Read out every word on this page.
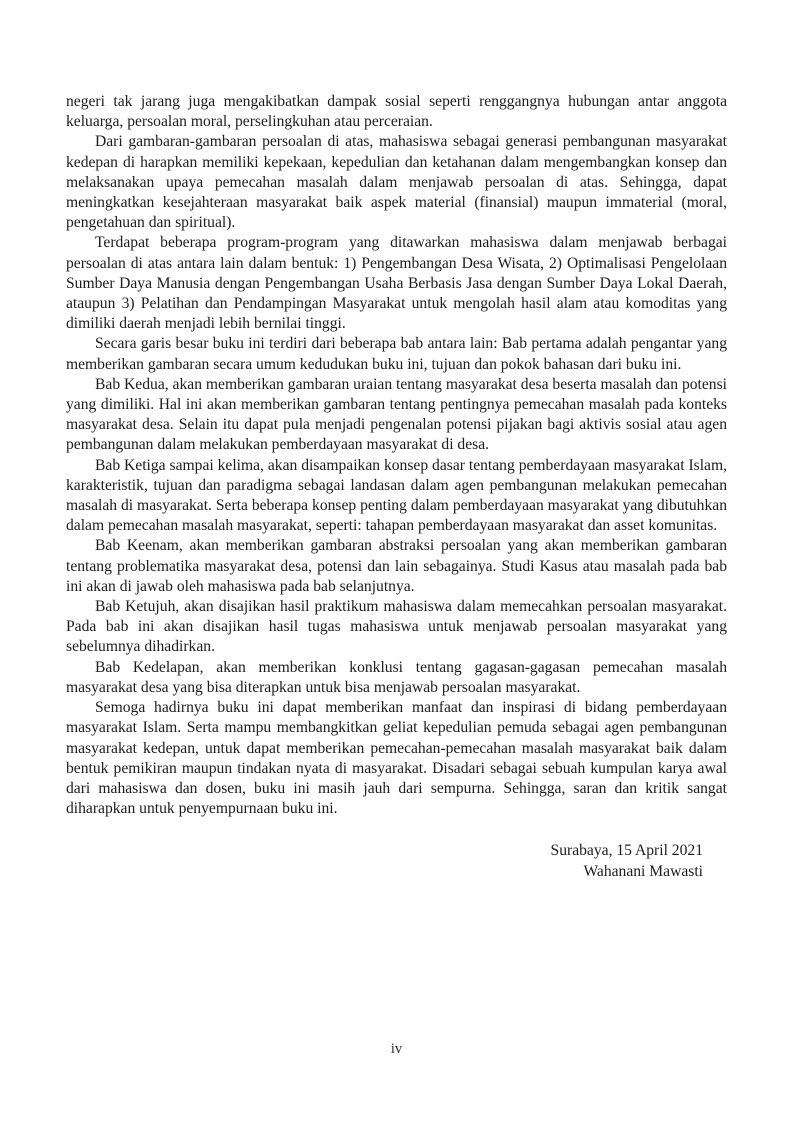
negeri tak jarang juga mengakibatkan dampak sosial seperti renggangnya hubungan antar anggota keluarga, persoalan moral, perselingkuhan atau perceraian.

Dari gambaran-gambaran persoalan di atas, mahasiswa sebagai generasi pembangunan masyarakat kedepan di harapkan memiliki kepekaan, kepedulian dan ketahanan dalam mengembangkan konsep dan melaksanakan upaya pemecahan masalah dalam menjawab persoalan di atas. Sehingga, dapat meningkatkan kesejahteraan masyarakat baik aspek material (finansial) maupun immaterial (moral, pengetahuan dan spiritual).

Terdapat beberapa program-program yang ditawarkan mahasiswa dalam menjawab berbagai persoalan di atas antara lain dalam bentuk: 1) Pengembangan Desa Wisata, 2) Optimalisasi Pengelolaan Sumber Daya Manusia dengan Pengembangan Usaha Berbasis Jasa dengan Sumber Daya Lokal Daerah, ataupun 3) Pelatihan dan Pendampingan Masyarakat untuk mengolah hasil alam atau komoditas yang dimiliki daerah menjadi lebih bernilai tinggi.

Secara garis besar buku ini terdiri dari beberapa bab antara lain: Bab pertama adalah pengantar yang memberikan gambaran secara umum kedudukan buku ini, tujuan dan pokok bahasan dari buku ini.

Bab Kedua, akan memberikan gambaran uraian tentang masyarakat desa beserta masalah dan potensi yang dimiliki. Hal ini akan memberikan gambaran tentang pentingnya pemecahan masalah pada konteks masyarakat desa. Selain itu dapat pula menjadi pengenalan potensi pijakan bagi aktivis sosial atau agen pembangunan dalam melakukan pemberdayaan masyarakat di desa.

Bab Ketiga sampai kelima, akan disampaikan konsep dasar tentang pemberdayaan masyarakat Islam, karakteristik, tujuan dan paradigma sebagai landasan dalam agen pembangunan melakukan pemecahan masalah di masyarakat. Serta beberapa konsep penting dalam pemberdayaan masyarakat yang dibutuhkan dalam pemecahan masalah masyarakat, seperti: tahapan pemberdayaan masyarakat dan asset komunitas.

Bab Keenam, akan memberikan gambaran abstraksi persoalan yang akan memberikan gambaran tentang problematika masyarakat desa, potensi dan lain sebagainya. Studi Kasus atau masalah pada bab ini akan di jawab oleh mahasiswa pada bab selanjutnya.

Bab Ketujuh, akan disajikan hasil praktikum mahasiswa dalam memecahkan persoalan masyarakat. Pada bab ini akan disajikan hasil tugas mahasiswa untuk menjawab persoalan masyarakat yang sebelumnya dihadirkan.

Bab Kedelapan, akan memberikan konklusi tentang gagasan-gagasan pemecahan masalah masyarakat desa yang bisa diterapkan untuk bisa menjawab persoalan masyarakat.

Semoga hadirnya buku ini dapat memberikan manfaat dan inspirasi di bidang pemberdayaan masyarakat Islam. Serta mampu membangkitkan geliat kepedulian pemuda sebagai agen pembangunan masyarakat kedepan, untuk dapat memberikan pemecahan-pemecahan masalah masyarakat baik dalam bentuk pemikiran maupun tindakan nyata di masyarakat. Disadari sebagai sebuah kumpulan karya awal dari mahasiswa dan dosen, buku ini masih jauh dari sempurna. Sehingga, saran dan kritik sangat diharapkan untuk penyempurnaan buku ini.

Surabaya, 15 April 2021
Wahanani Mawasti
iv
